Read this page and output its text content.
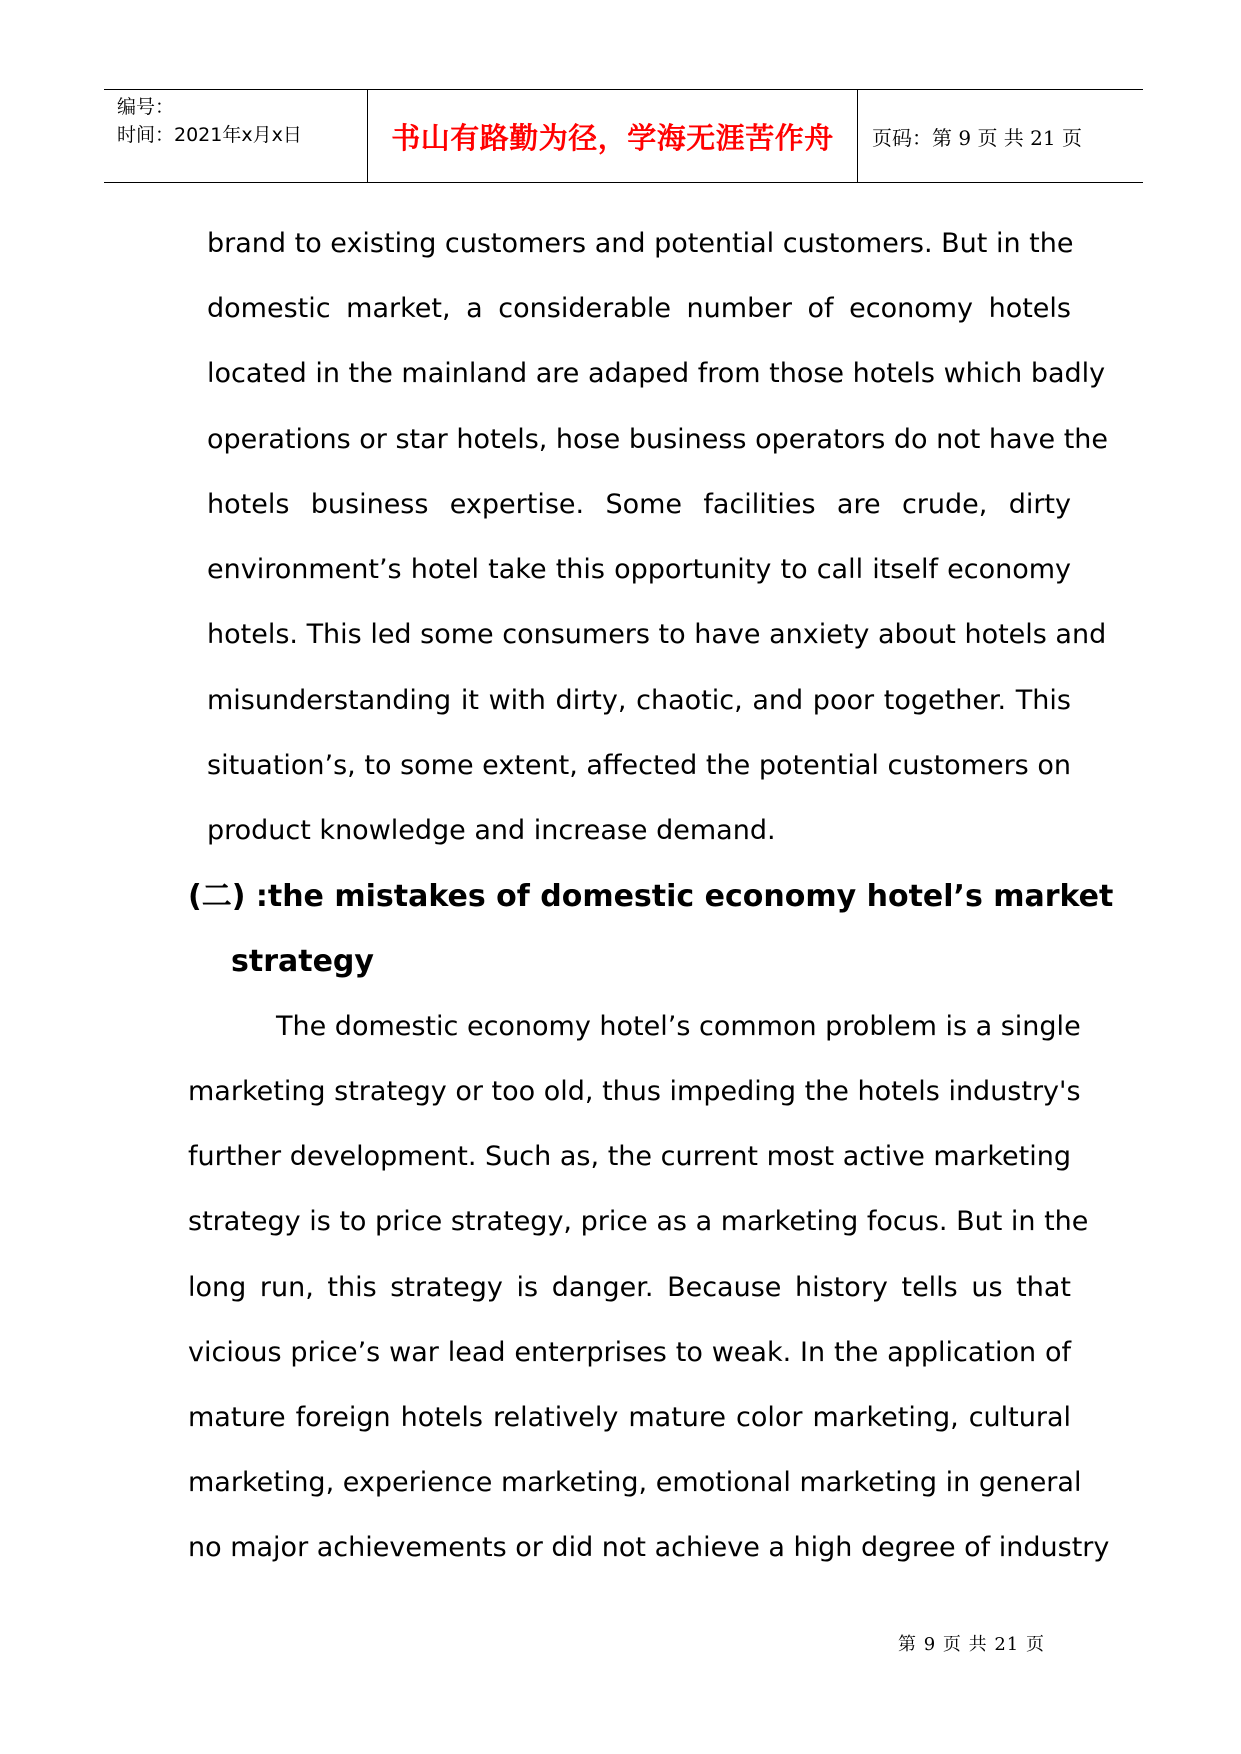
编号：
时间：2021年x月x日	书山有路勤为径，学海无涯苦作舟 页码：第 9 页 共 21 页
brand to existing customers and potential customers. But in the
domestic market, a considerable number of economy hotels
located in the mainland are adaped from those hotels which badly
operations or star hotels, hose business operators do not have the
hotels business expertise. Some facilities are crude, dirty
environment’s hotel take this opportunity to call itself economy
hotels. This led some consumers to have anxiety about hotels and
misunderstanding it with dirty, chaotic, and poor together. This
situation’s, to some extent, affected the potential customers on
product knowledge and increase demand.
(二) :the mistakes of domestic economy hotel’s market
strategy
The domestic economy hotel’s common problem is a single
marketing strategy or too old, thus impeding the hotels industry's
further development. Such as, the current most active marketing
strategy is to price strategy, price as a marketing focus. But in the
long run, this strategy is danger. Because history tells us that
vicious price’s war lead enterprises to weak. In the application of
mature foreign hotels relatively mature color marketing, cultural
marketing, experience marketing, emotional marketing in general
no major achievements or did not achieve a high degree of industry
第 9 页 共 21 页
